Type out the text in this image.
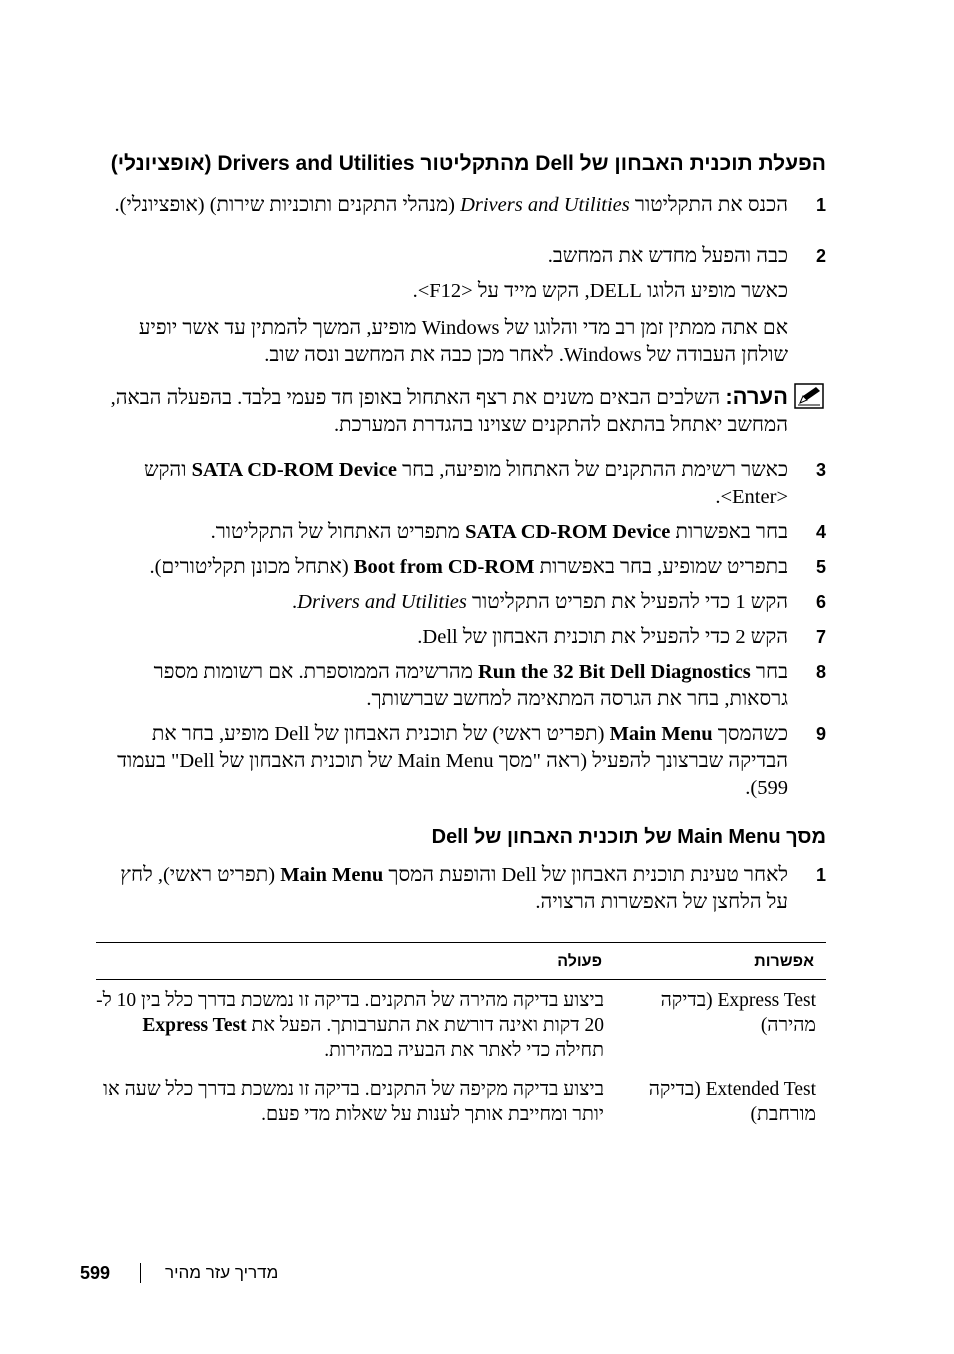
הפעלת תוכנית האבחון של Dell מהתקליטור Drivers and Utilities (אופציונלי)
1
הכנס את התקליטור Drivers and Utilities (מנהלי התקנים ותוכניות שירות) (אופציונלי).
2
כבה והפעל מחדש את המחשב.
כאשר מופיע הלוגו DELL, הקש מייד על <F12>.
אם אתה ממתין זמן רב מדי והלוגו של Windows מופיע, המשך להמתין עד אשר יופיע שולחן העבודה של Windows. לאחר מכן כבה את המחשב ונסה שוב.
הערה: השלבים הבאים משנים את רצף האתחול באופן חד פעמי בלבד. בהפעלה הבאה, המחשב יאתחל בהתאם להתקנים שצוינו בהגדרת המערכת.
3
כאשר רשימת ההתקנים של האתחול מופיעה, בחר SATA CD-ROM Device והקש <Enter>.
4
בחר באפשרות SATA CD-ROM Device מתפריט האתחול של התקליטור.
5
בתפריט שמופיע, בחר באפשרות Boot from CD-ROM (אתחל מכונן תקליטורים).
6
הקש 1 כדי להפעיל את תפריט התקליטור Drivers and Utilities.
7
הקש 2 כדי להפעיל את תוכנית האבחון של Dell.
8
בחר Run the 32 Bit Dell Diagnostics מהרשימה הממוספרת. אם רשומות מספר גרסאות, בחר את הגרסה המתאימה למחשב שברשותך.
9
כשהמסך Main Menu (תפריט ראשי) של תוכנית האבחון של Dell מופיע, בחר את הבדיקה שברצונך להפעיל (ראה "מסך Main Menu של תוכנית האבחון של Dell" בעמוד 599).
מסך Main Menu של תוכנית האבחון של Dell
1
לאחר טעינת תוכנית האבחון של Dell והופעת המסך Main Menu (תפריט ראשי), לחץ על הלחצן של האפשרות הרצויה.
אפשרות	פעולה
Express Test (בדיקה מהירה)	ביצוע בדיקה מהירה של התקנים. בדיקה זו נמשכת בדרך כלל בין 10 ל- 20 דקות ואינה דורשת את התערבותך. הפעל את Express Test תחילה כדי לאתר את הבעיה במהירות.
Extended Test (בדיקה מורחבת)	ביצוע בדיקה מקיפה של התקנים. בדיקה זו נמשכת בדרך כלל שעה או יותר ומחייבת אותך לענות על שאלות מדי פעם.
599	מדריך עזר מהיר
